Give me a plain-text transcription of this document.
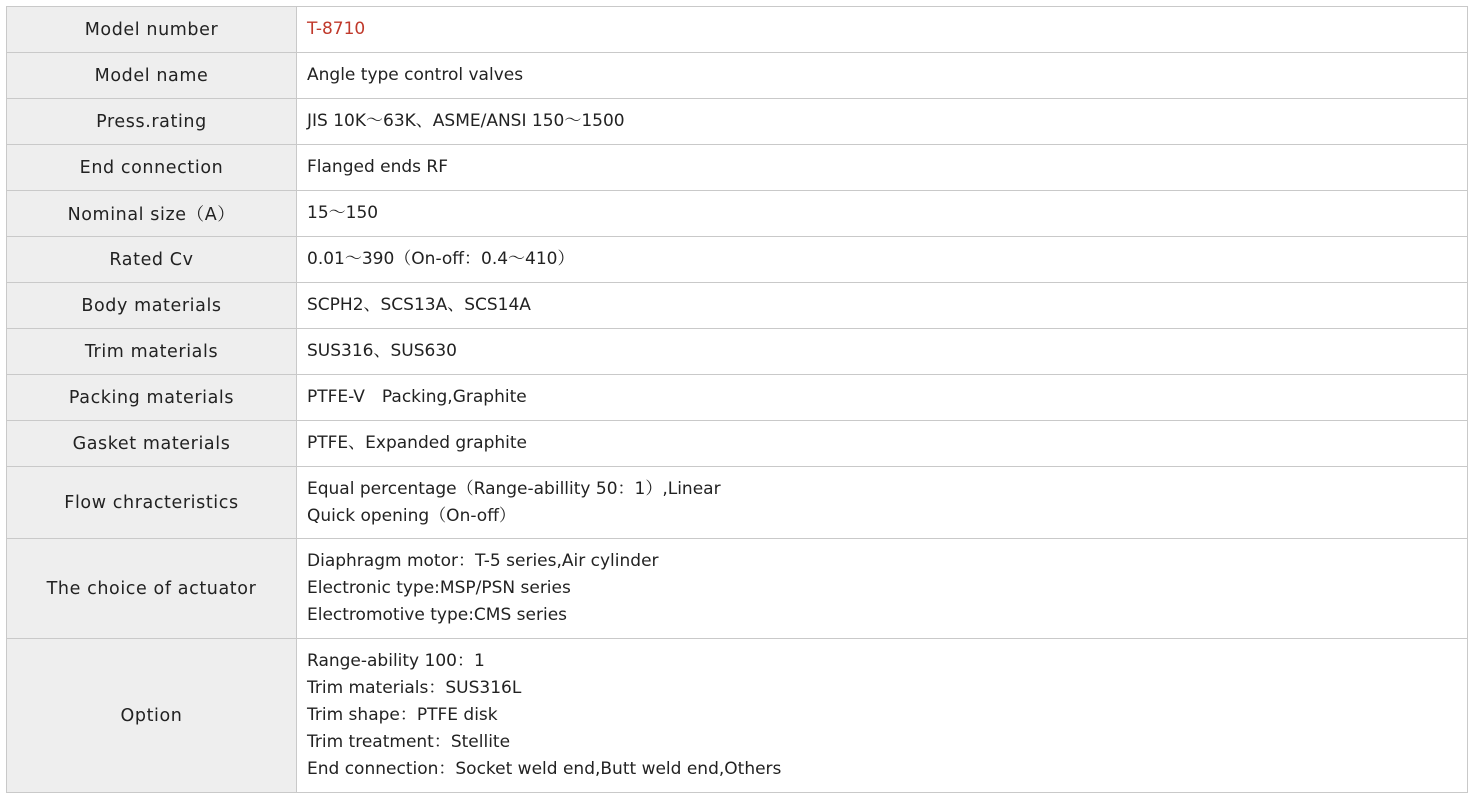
Model number	T-8710

Model name	Angle type control valves

Press.rating	JIS 10K〜63K、ASME/ANSI 150〜1500

End connection	Flanged ends RF

Nominal size（A）	15〜150

Rated Cv	0.01〜390（On-off：0.4〜410）

Body materials	SCPH2、SCS13A、SCS14A

Trim materials	SUS316、SUS630

Packing materials	PTFE-V　Packing,Graphite

Gasket materials	PTFE、Expanded graphite

Flow chracteristics	Equal percentage（Range-abillity 50：1）,Linear
Quick opening（On-off）

The choice of actuator	Diaphragm motor：T-5 series,Air cylinder
Electronic type:MSP/PSN series
Electromotive type:CMS series

Option	Range-ability 100：1
Trim materials：SUS316L
Trim shape：PTFE disk
Trim treatment：Stellite
End connection：Socket weld end,Butt weld end,Others
